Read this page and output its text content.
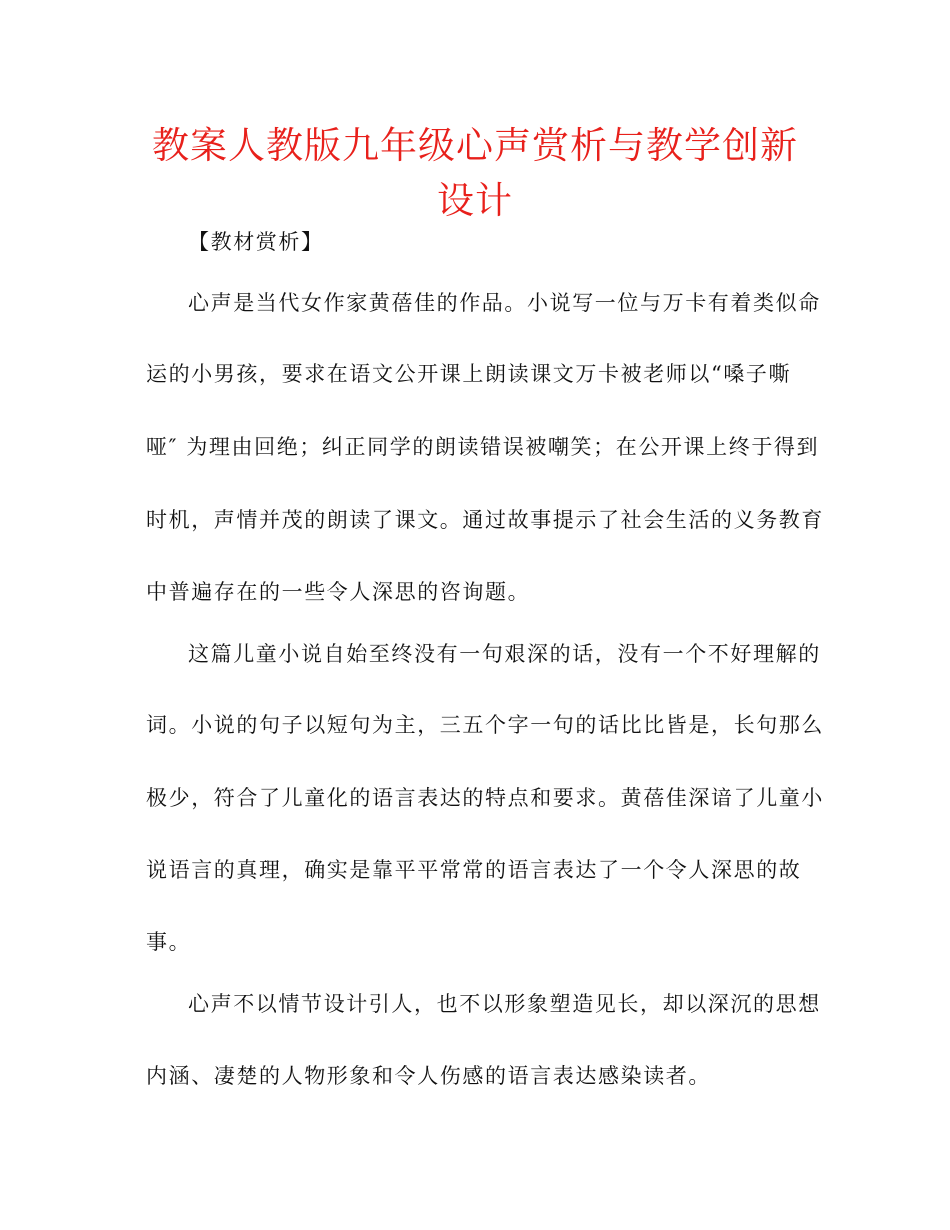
教案人教版九年级心声赏析与教学创新设计
【教材赏析】
心声是当代女作家黄蓓佳的作品。小说写一位与万卡有着类似命
运的小男孩，要求在语文公开课上朗读课文万卡被老师以“嗓子嘶
哑″ 为理由回绝；纠正同学的朗读错误被嘲笑；在公开课上终于得到
时机，声情并茂的朗读了课文。通过故事提示了社会生活的义务教育
中普遍存在的一些令人深思的咨询题。
这篇儿童小说自始至终没有一句艰深的话，没有一个不好理解的
词。小说的句子以短句为主，三五个字一句的话比比皆是，长句那么
极少，符合了儿童化的语言表达的特点和要求。黄蓓佳深谙了儿童小
说语言的真理，确实是靠平平常常的语言表达了一个令人深思的故
事。
心声不以情节设计引人，也不以形象塑造见长，却以深沉的思想
内涵、凄楚的人物形象和令人伤感的语言表达感染读者。
